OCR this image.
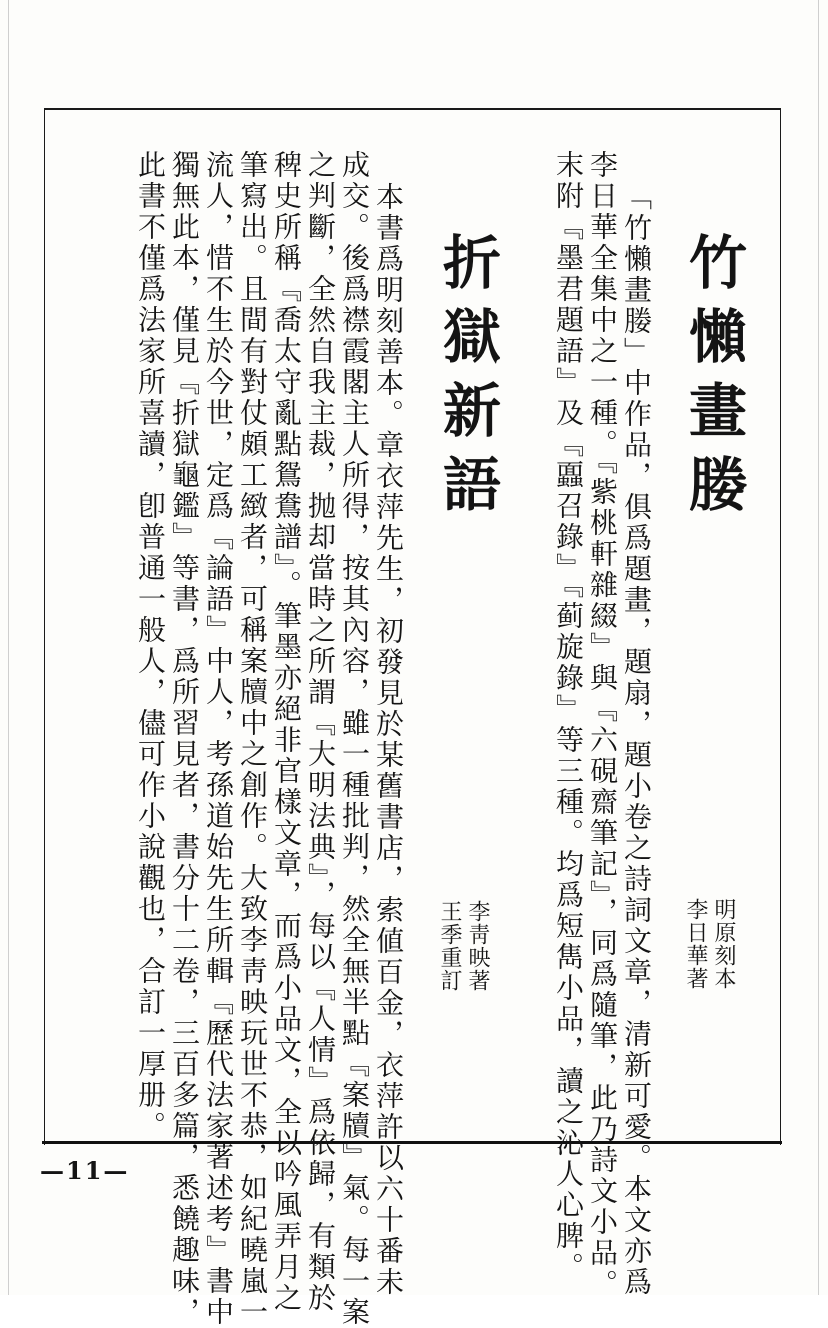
竹懶畫媵
明原刻本
李日華著
「竹懶畫媵」中作品，俱爲題畫，題扇，題小卷之詩詞文章，清新可愛。本文亦爲
李日華全集中之一種。『紫桃軒雜綴』與『六硯齋筆記』，同爲隨筆，此乃詩文小品。
末附『墨君題語』及『蠠召錄』『蓟旋錄』等三種。均爲短雋小品，讀之沁人心脾。
折獄新語
李靑映著
王季重訂
本書爲明刻善本。章衣萍先生，初發見於某舊書店，索値百金，衣萍許以六十番未
成交。後爲襟霞閣主人所得，按其內容，雖一種批判，然全無半點『案牘』氣。每一案
之判斷，全然自我主裁，抛却當時之所謂『大明法典』，每以『人情』爲依歸，有類於
稗史所稱『喬太守亂點鴛鴦譜』。筆墨亦絕非官樣文章，而爲小品文，全以吟風弄月之
筆寫出。且間有對仗頗工緻者，可稱案牘中之創作。大致李靑映玩世不恭，如紀曉嵐一
流人，惜不生於今世，定爲『論語』中人，考孫道始先生所輯『歷代法家著述考』書中
獨無此本，僅見『折獄龜鑑』等書，爲所習見者，書分十二卷，三百多篇，悉饒趣味，
此書不僅爲法家所喜讀，卽普通一般人，儘可作小說觀也，合訂一厚册。
—11—
